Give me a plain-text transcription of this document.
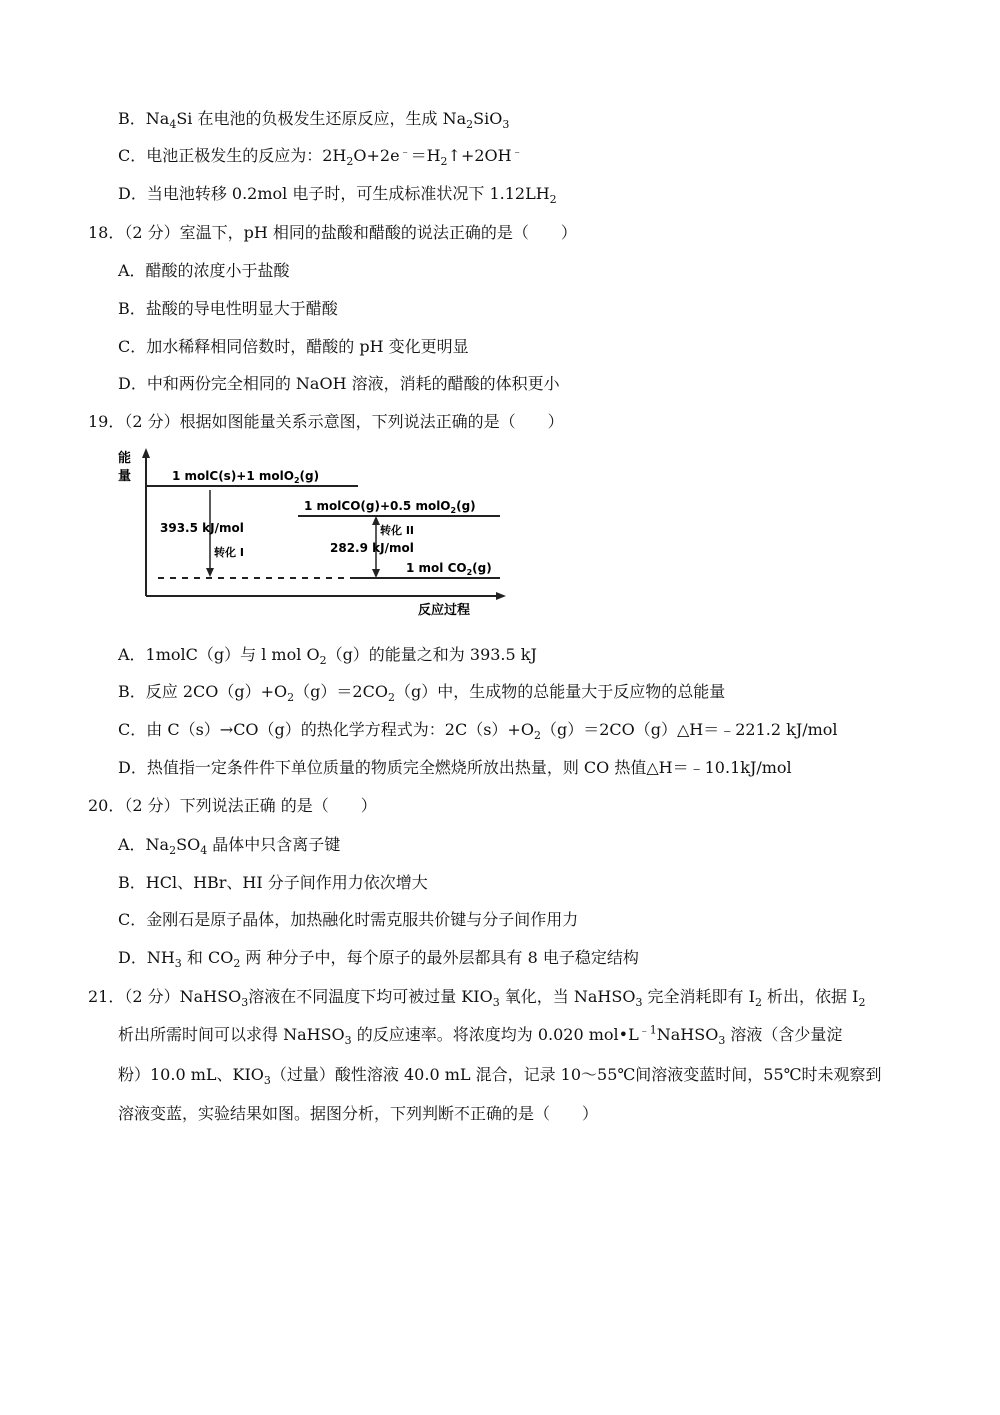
B．$Na_4Si$ 在电池的负极发生还原反应，生成 $Na_2SiO_3$
C．电池正极发生的反应为：$2H_2O+2e^﹣=H_2↑+2OH^﹣$
D．当电池转移 0.2mol 电子时，可生成标准状况下 $1.12LH_2$
18．（2 分）室温下，pH 相同的盐酸和醋酸的说法正确的是（　　）
A．醋酸的浓度小于盐酸
B．盐酸的导电性明显大于醋酸
C．加水稀释相同倍数时，醋酸的 pH 变化更明显
D．中和两份完全相同的 NaOH 溶液，消耗的醋酸的体积更小
19．（2 分）根据如图能量关系示意图，下列说法正确的是（　　）
能
量
反应过程
1 molC(s)+1 molO$_2$(g)
1 molCO(g)+0.5 molO$_2$(g)
1 mol $CO_2(g)$
393.5 kJ/mol
转化 I
转化 II
282.9 kJ/mol
A．1molC（g）与 l mol $O_2(g)$的能量之和为 393.5 kJ
B．反应 $2CO(g)+O_2(g)=2CO_2(g)$中，生成物的总能量大于反应物的总能量
C．由 C（s）→CO（g）的热化学方程式为：$2C(s)+O_2(g)=2CO(g)\triangle H=﹣221.2$ kJ/mol
D．热值指一定条件件下单位质量的物质完全燃烧所放出热量，则 CO 热值△H＝﹣10.1kJ/mol
20．（2 分）下列说法正确 的是（　　）
A．$Na_2SO_4$ 晶体中只含离子键
B．HCl、HBr、HI 分子间作用力依次增大
C．金刚石是原子晶体，加热融化时需克服共价键与分子间作用力
D．$NH_3$ 和 $CO_2$ 两 种分子中，每个原子的最外层都具有 8 电子稳定结构
21．（2 分）NaHSO$_3$溶液在不同温度下均可被过量 $KIO_3$ 氧化，当 NaHSO$_3$ 完全消耗即有 $I_2$ 析出，依据 $I_2$
析出所需时间可以求得 NaHSO$_3$ 的反应速率。将浓度均为 0.020 $mol•L^{﹣1}NaHSO_3$ 溶液（含少量淀
粉）10.0 mL、$KIO_3$（过量）酸性溶液 40.0 mL 混合，记录 10～55℃间溶液变蓝时间，55℃时未观察到
溶液变蓝，实验结果如图。据图分析，下列判断不正确的是（　　）
